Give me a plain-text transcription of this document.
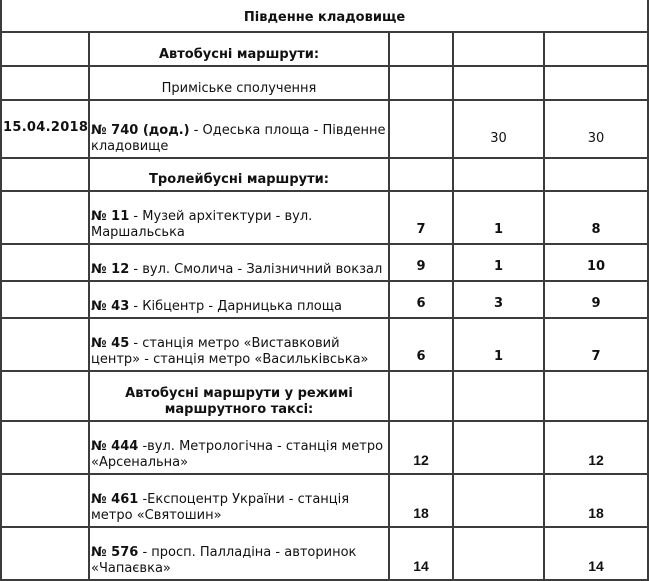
Південне кладовище				
	Автобусні маршрути:			
	Приміське сполучення			
15.04.2018	№ 740 (дод.) - Одеська площа - Південне кладовище		30	30
	Тролейбусні маршрути:			
	№ 11 - Музей архітектури - вул. Маршальська	7	1	8
	№ 12 - вул. Смолича - Залізничний вокзал	9	1	10
	№ 43 - Кібцентр - Дарницька площа	6	3	9
	№ 45 - станція метро «Виставковий центр» - станція метро «Васильківська»	6	1	7
	Автобусні маршрути у режимі маршрутного таксі:			
	№ 444 -вул. Метрологічна - станція метро «Арсенальна»	12		12
	№ 461 -Експоцентр України - станція метро «Святошин»	18		18
	№ 576 - просп. Палладіна - авторинок «Чапаєвка»	14		14
